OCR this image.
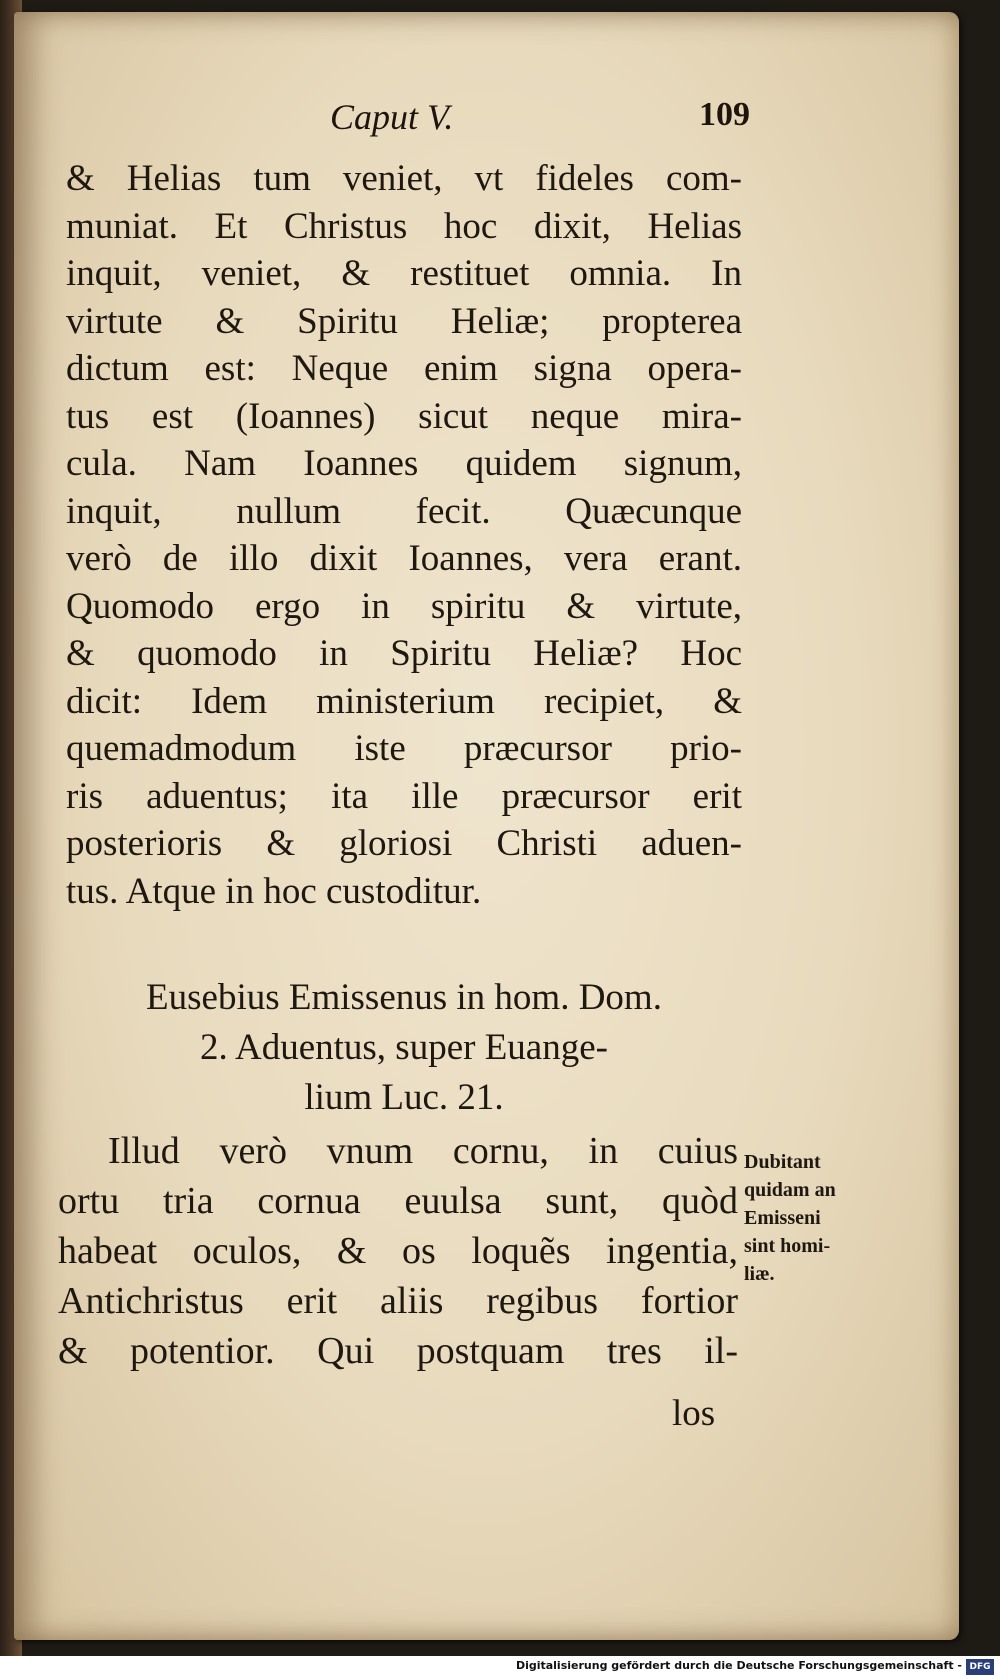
Caput V.	109
& Helias tum veniet, vt fideles com-
muniat. Et Christus hoc dixit, Helias
inquit, veniet, & restituet omnia. In
virtute & Spiritu Heliæ; propterea
dictum est: Neque enim signa opera-
tus est (Ioannes) sicut neque mira-
cula. Nam Ioannes quidem signum,
inquit, nullum fecit. Quæcunque
verò de illo dixit Ioannes, vera erant.
Quomodo ergo in spiritu & virtute,
& quomodo in Spiritu Heliæ? Hoc
dicit: Idem ministerium recipiet, &
quemadmodum iste præcursor prio-
ris aduentus; ita ille præcursor erit
posterioris & gloriosi Christi aduen-
tus. Atque in hoc custoditur.
Eusebius Emissenus in hom. Dom.
2. Aduentus, super Euange-
lium Luc. 21.
Illud verò vnum cornu, in cuius
ortu tria cornua euulsa sunt, quòd
habeat oculos, & os loquẽs ingentia,
Antichristus erit aliis regibus fortior
& potentior. Qui postquam tres il-
los
Dubitant
quidam an
Emisseni
sint homi-
liæ.
Digitalisierung gefördert durch die Deutsche Forschungsgemeinschaft - DFG
